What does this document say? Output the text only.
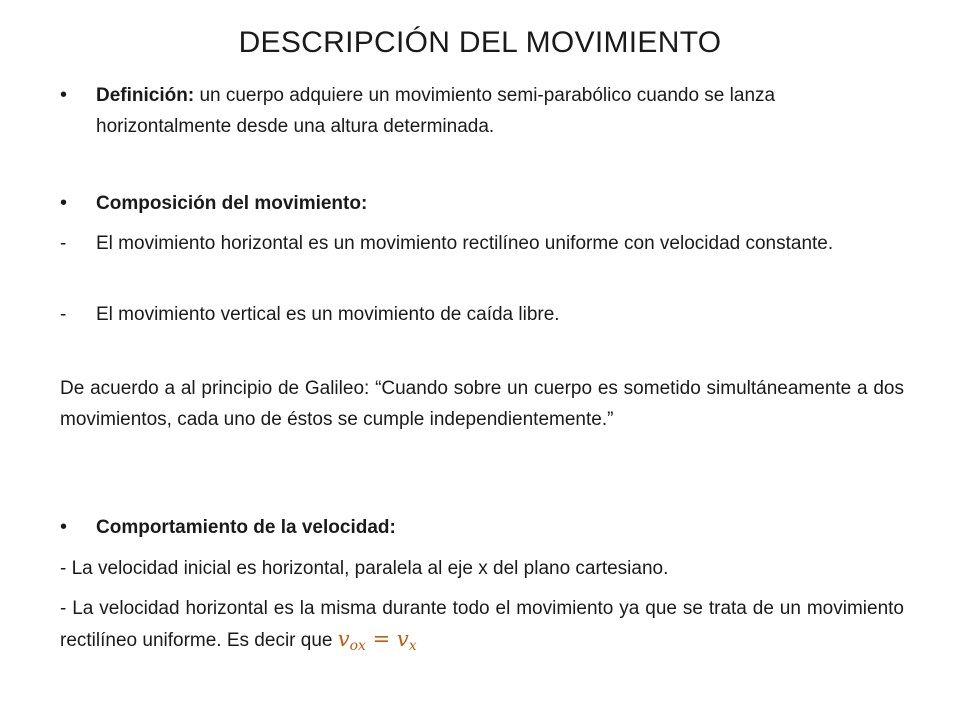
DESCRIPCIÓN DEL MOVIMIENTO
•	Definición: un cuerpo adquiere un movimiento semi-parabólico cuando se lanza horizontalmente desde una altura determinada.
•	Composición del movimiento:
-	El movimiento horizontal es un movimiento rectilíneo uniforme con velocidad constante.
-	El movimiento vertical es un movimiento de caída libre.
De acuerdo a al principio de Galileo: “Cuando sobre un cuerpo es sometido simultáneamente a dos movimientos, cada uno de éstos se cumple independientemente.”
•	Comportamiento de la velocidad:
- La velocidad inicial es horizontal, paralela al eje x del plano cartesiano.
- La velocidad horizontal es la misma durante todo el movimiento ya que se trata de un movimiento rectilíneo uniforme. Es decir que $v_{ox} = v_x$
